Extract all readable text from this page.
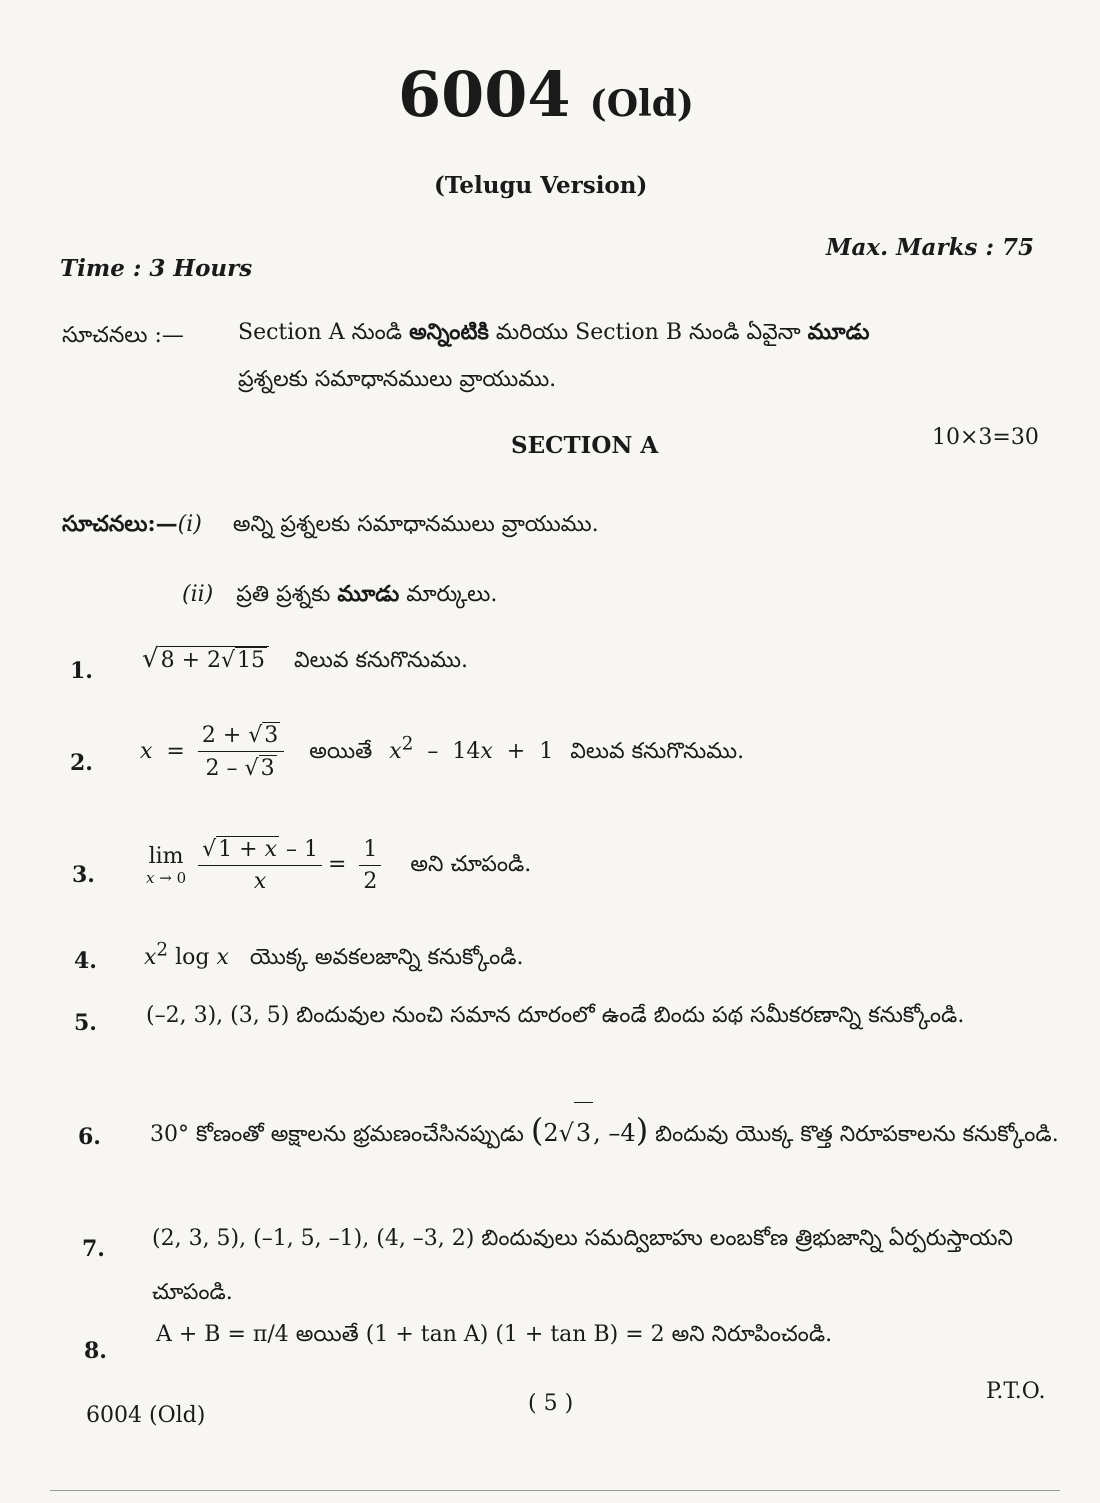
6004 (Old)
(Telugu Version)
Time : 3 Hours
Max. Marks : 75
సూచనలు :— Section A నుండి అన్నింటికి మరియు Section B నుండి ఏవైనా మూడు
ప్రశ్నలకు సమాధానములు వ్రాయుము.
SECTION A	10×3=30
సూచనలు:—(i) అన్ని ప్రశ్నలకు సమాధానములు వ్రాయుము.
(ii) ప్రతి ప్రశ్నకు మూడు మార్కులు.
1. √8 + 2√15 విలువ కనుగొనుము.
2. $x = \frac{2 + √3}{2 - √3}$ అయితే $x^2 - 14x + 1$ విలువ కనుగొనుము.
3.
lim
$x \to 0 \frac{√1 + x - 1}{x} = \frac{1}{2}$ అని చూపండి.
4. $x^2$ log x యొక్క అవకలజాన్ని కనుక్కోండి.
5. (–2, 3), (3, 5) బిందువుల నుంచి సమాన దూరంలో ఉండే బిందు పథ సమీకరణాన్ని కనుక్కోండి.
6. 30° కోణంతో అక్షాలను భ్రమణంచేసినప్పుడు (2√3, –4) బిందువు యొక్క కొత్త నిరూపకాలను కనుక్కోండి.
7. (2, 3, 5), (–1, 5, –1), (4, –3, 2) బిందువులు సమద్విబాహు లంబకోణ త్రిభుజాన్ని ఏర్పరుస్తాయని చూపండి.
8.
A + B = π/4 అయితే (1 + tan A) (1 + tan B) = 2 అని నిరూపించండి.
6004 (Old)	( 5 )	P.T.O.
